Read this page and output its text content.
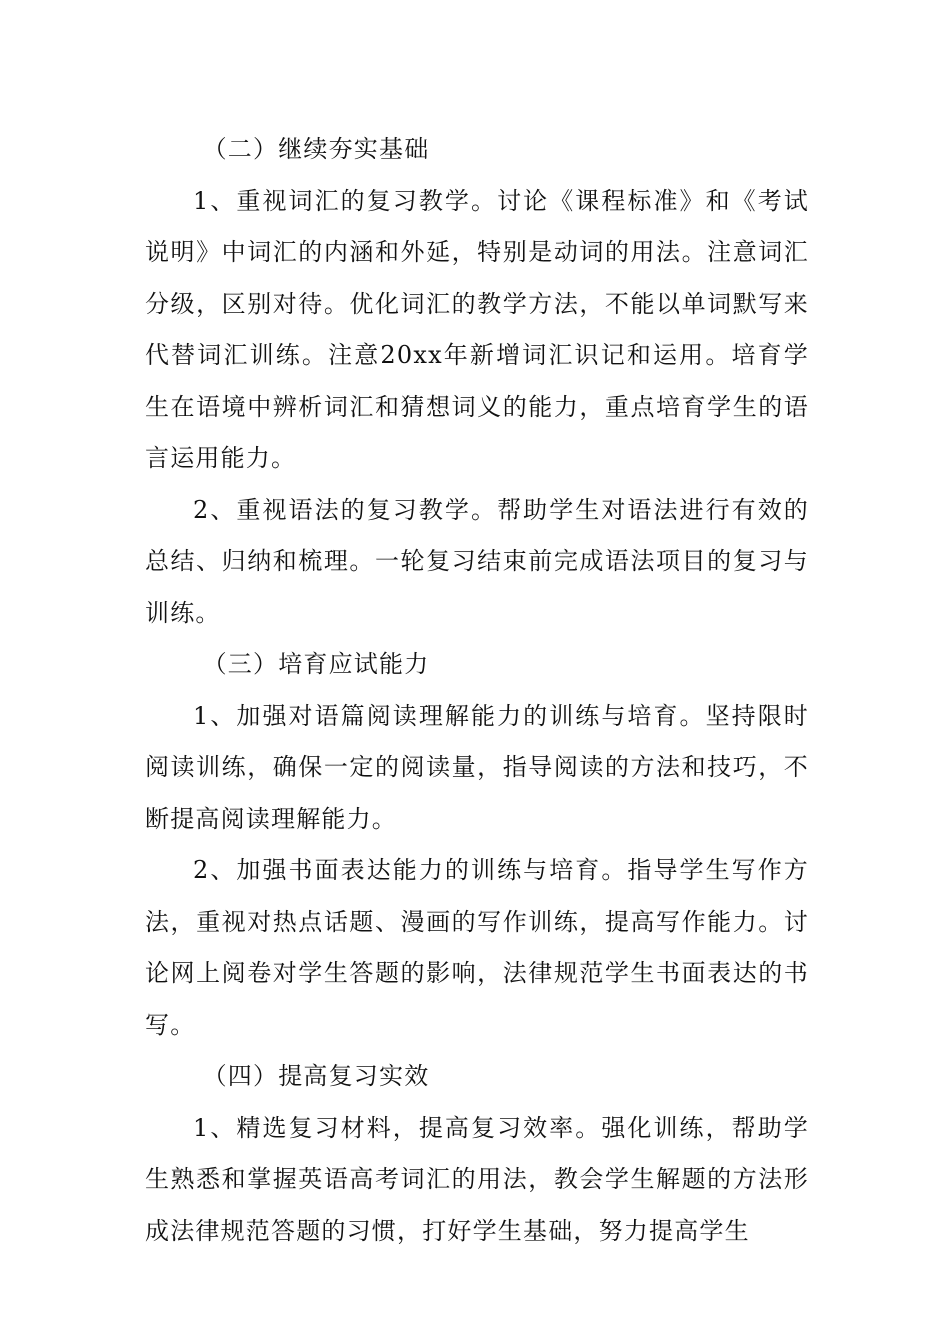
（二）继续夯实基础

1、重视词汇的复习教学。讨论《课程标准》和《考试说明》中词汇的内涵和外延，特别是动词的用法。注意词汇分级，区别对待。优化词汇的教学方法，不能以单词默写来代替词汇训练。注意20xx年新增词汇识记和运用。培育学生在语境中辨析词汇和猜想词义的能力，重点培育学生的语言运用能力。

2、重视语法的复习教学。帮助学生对语法进行有效的总结、归纳和梳理。一轮复习结束前完成语法项目的复习与训练。

（三）培育应试能力

1、加强对语篇阅读理解能力的训练与培育。坚持限时阅读训练，确保一定的阅读量，指导阅读的方法和技巧，不断提高阅读理解能力。

2、加强书面表达能力的训练与培育。指导学生写作方法，重视对热点话题、漫画的写作训练，提高写作能力。讨论网上阅卷对学生答题的影响，法律规范学生书面表达的书写。

（四）提高复习实效

1、精选复习材料，提高复习效率。强化训练，帮助学生熟悉和掌握英语高考词汇的用法，教会学生解题的方法形成法律规范答题的习惯，打好学生基础，努力提高学生
